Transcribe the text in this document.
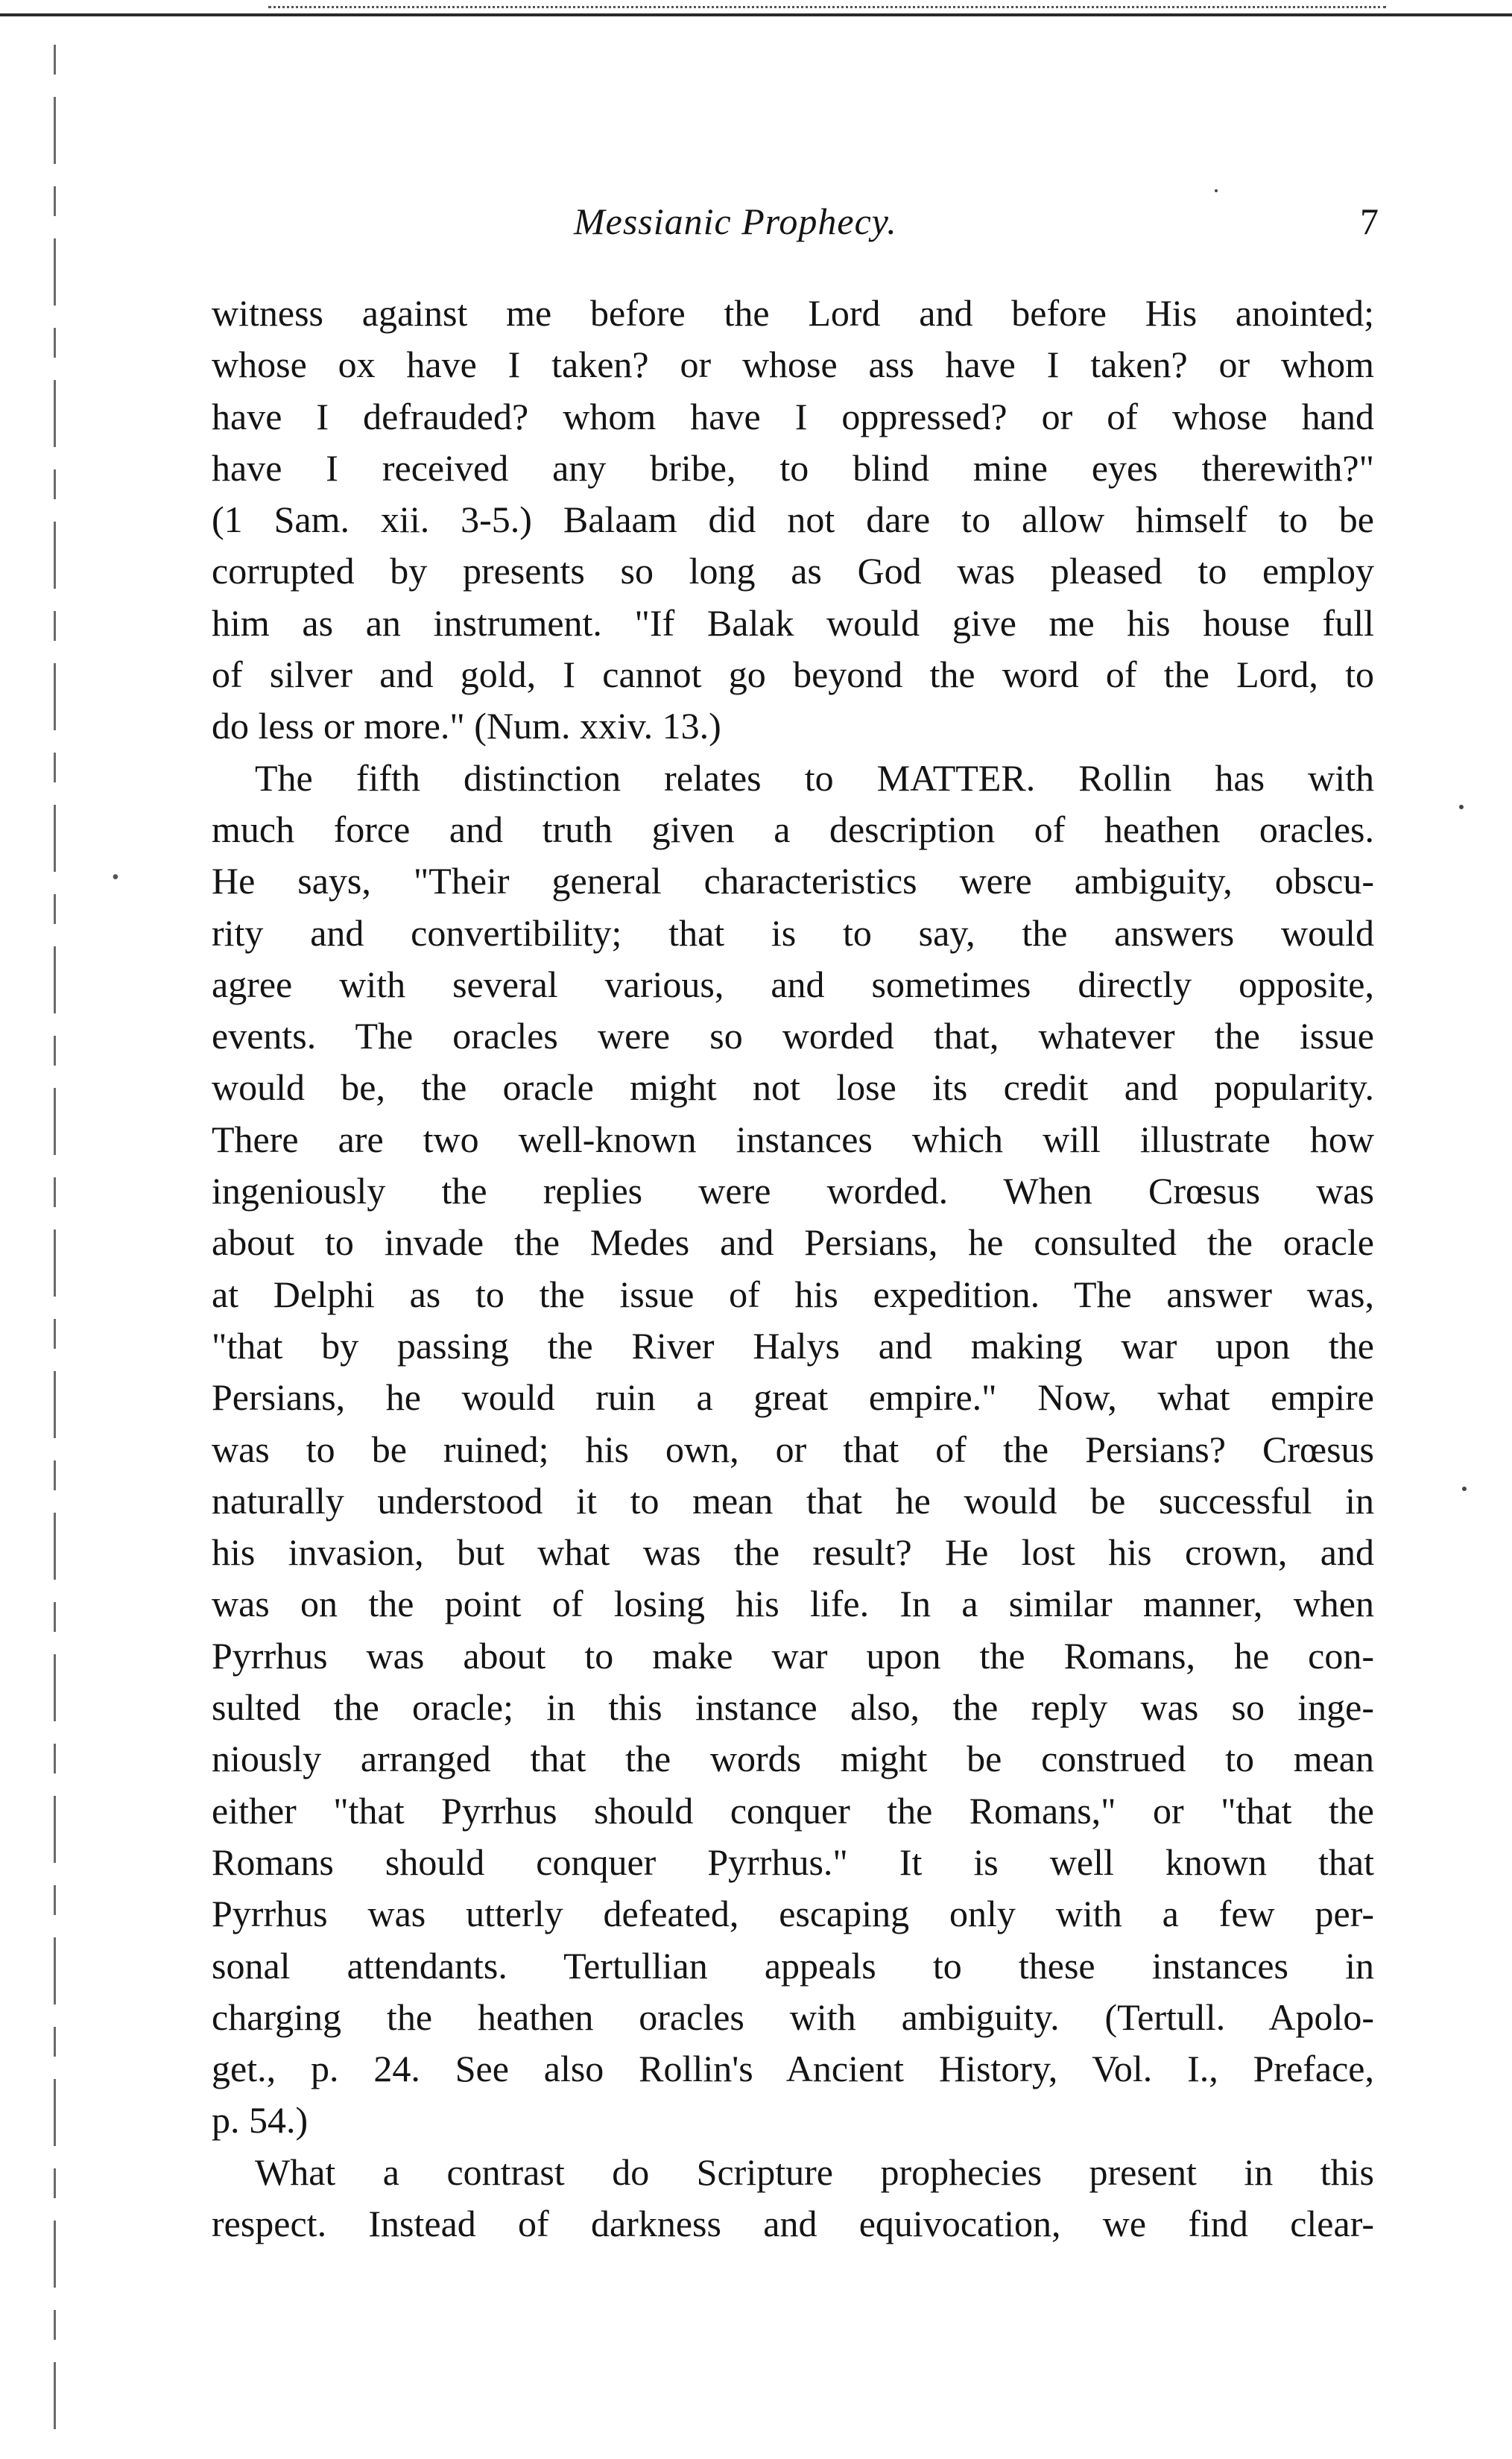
•
Messianic Prophecy.	7
witness against me before the Lord and before His anointed;
whose ox have I taken? or whose ass have I taken? or whom
have I defrauded? whom have I oppressed? or of whose hand
have I received any bribe, to blind mine eyes therewith?"
(1 Sam. xii. 3-5.) Balaam did not dare to allow himself to be
corrupted by presents so long as God was pleased to employ
him as an instrument. "If Balak would give me his house full
of silver and gold, I cannot go beyond the word of the Lord, to
do less or more." (Num. xxiv. 13.)
The fifth distinction relates to MATTER. Rollin has with
much force and truth given a description of heathen oracles.
He says, "Their general characteristics were ambiguity, obscu-
rity and convertibility; that is to say, the answers would
agree with several various, and sometimes directly opposite,
events. The oracles were so worded that, whatever the issue
would be, the oracle might not lose its credit and popularity.
There are two well-known instances which will illustrate how
ingeniously the replies were worded. When Crœsus was
about to invade the Medes and Persians, he consulted the oracle
at Delphi as to the issue of his expedition. The answer was,
"that by passing the River Halys and making war upon the
Persians, he would ruin a great empire." Now, what empire
was to be ruined; his own, or that of the Persians? Crœsus
naturally understood it to mean that he would be successful in
his invasion, but what was the result? He lost his crown, and
was on the point of losing his life. In a similar manner, when
Pyrrhus was about to make war upon the Romans, he con-
sulted the oracle; in this instance also, the reply was so inge-
niously arranged that the words might be construed to mean
either "that Pyrrhus should conquer the Romans," or "that the
Romans should conquer Pyrrhus." It is well known that
Pyrrhus was utterly defeated, escaping only with a few per-
sonal attendants. Tertullian appeals to these instances in
charging the heathen oracles with ambiguity. (Tertull. Apolo-
get., p. 24. See also Rollin's Ancient History, Vol. I., Preface,
p. 54.)
What a contrast do Scripture prophecies present in this
respect. Instead of darkness and equivocation, we find clear-
